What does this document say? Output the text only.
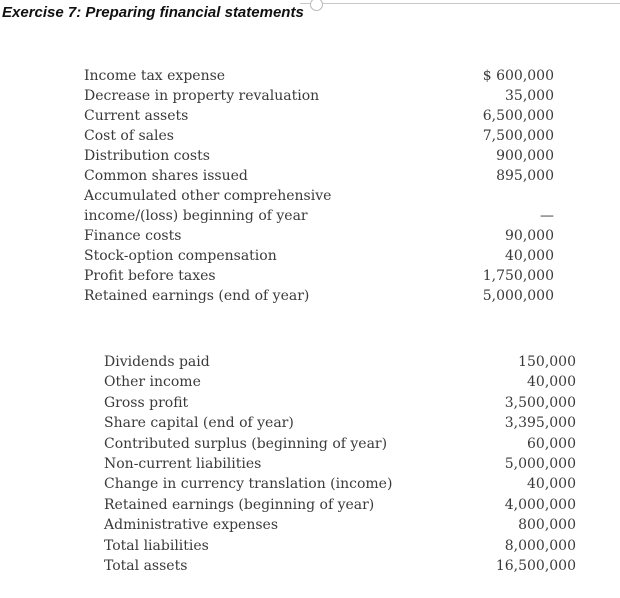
Exercise 7: Preparing financial statements
Income tax expense	$ 600,000
Decrease in property revaluation	35,000
Current assets	6,500,000
Cost of sales	7,500,000
Distribution costs	900,000
Common shares issued	895,000
Accumulated other comprehensive
income/(loss) beginning of year	—
Finance costs	90,000
Stock-option compensation	40,000
Profit before taxes	1,750,000
Retained earnings (end of year)	5,000,000
Dividends paid	150,000
Other income	40,000
Gross profit	3,500,000
Share capital (end of year)	3,395,000
Contributed surplus (beginning of year)	60,000
Non-current liabilities	5,000,000
Change in currency translation (income)	40,000
Retained earnings (beginning of year)	4,000,000
Administrative expenses	800,000
Total liabilities	8,000,000
Total assets	16,500,000
